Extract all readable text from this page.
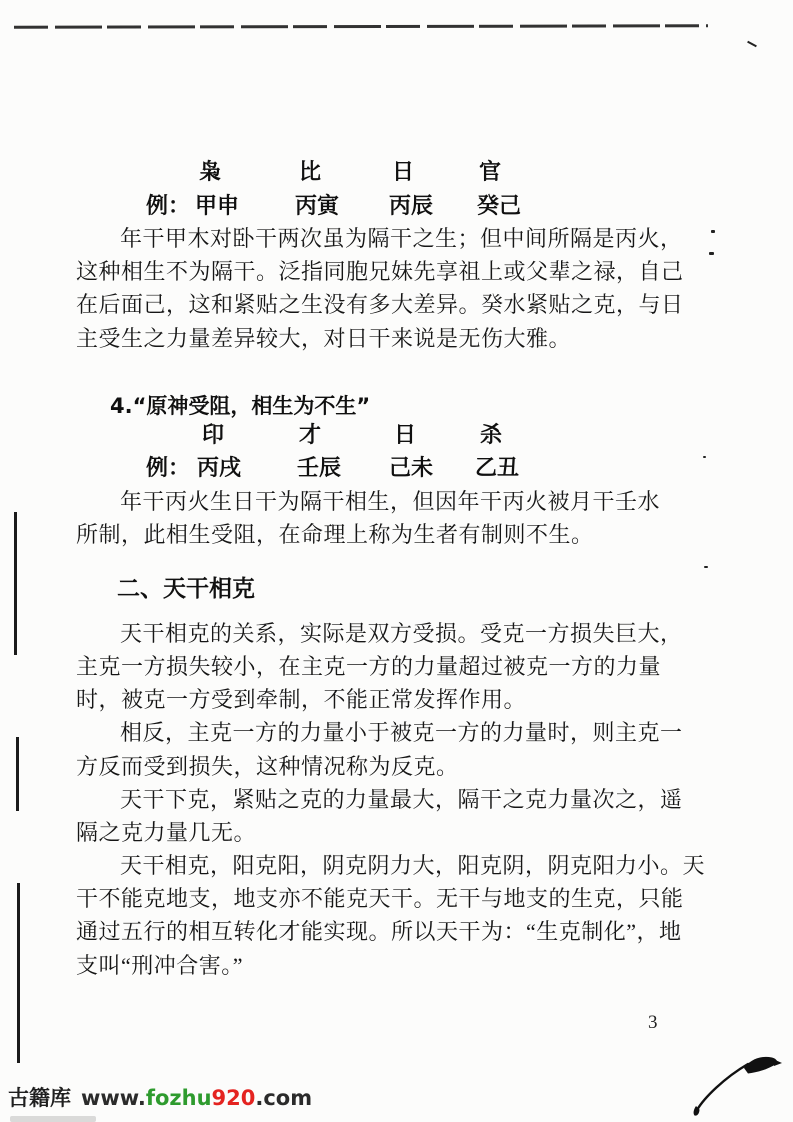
枭	比	日	官
例： 甲申	丙寅 丙辰 癸己
年干甲木对卧干两次虽为隔干之生；但中间所隔是丙火，
这种相生不为隔干。泛指同胞兄妹先享祖上或父辈之禄，自己
在后面己，这和紧贴之生没有多大差异。癸水紧贴之克，与日
主受生之力量差异较大，对日干来说是无伤大雅。
4.“原神受阻，相生为不生”
印	才	日	杀
例： 丙戌	壬辰 己未 乙丑
年干丙火生日干为隔干相生，但因年干丙火被月干壬水
所制，此相生受阻，在命理上称为生者有制则不生。
二、天干相克
天干相克的关系，实际是双方受损。受克一方损失巨大，
主克一方损失较小，在主克一方的力量超过被克一方的力量
时，被克一方受到牵制，不能正常发挥作用。
相反，主克一方的力量小于被克一方的力量时，则主克一
方反而受到损失，这种情况称为反克。
天干下克，紧贴之克的力量最大，隔干之克力量次之，遥
隔之克力量几无。
天干相克，阳克阳，阴克阴力大，阳克阴，阴克阳力小。天
干不能克地支，地支亦不能克天干。无干与地支的生克，只能
通过五行的相互转化才能实现。所以天干为：“生克制化”，地
支叫“刑冲合害。”
3
古籍库 www.fozhu920.com
